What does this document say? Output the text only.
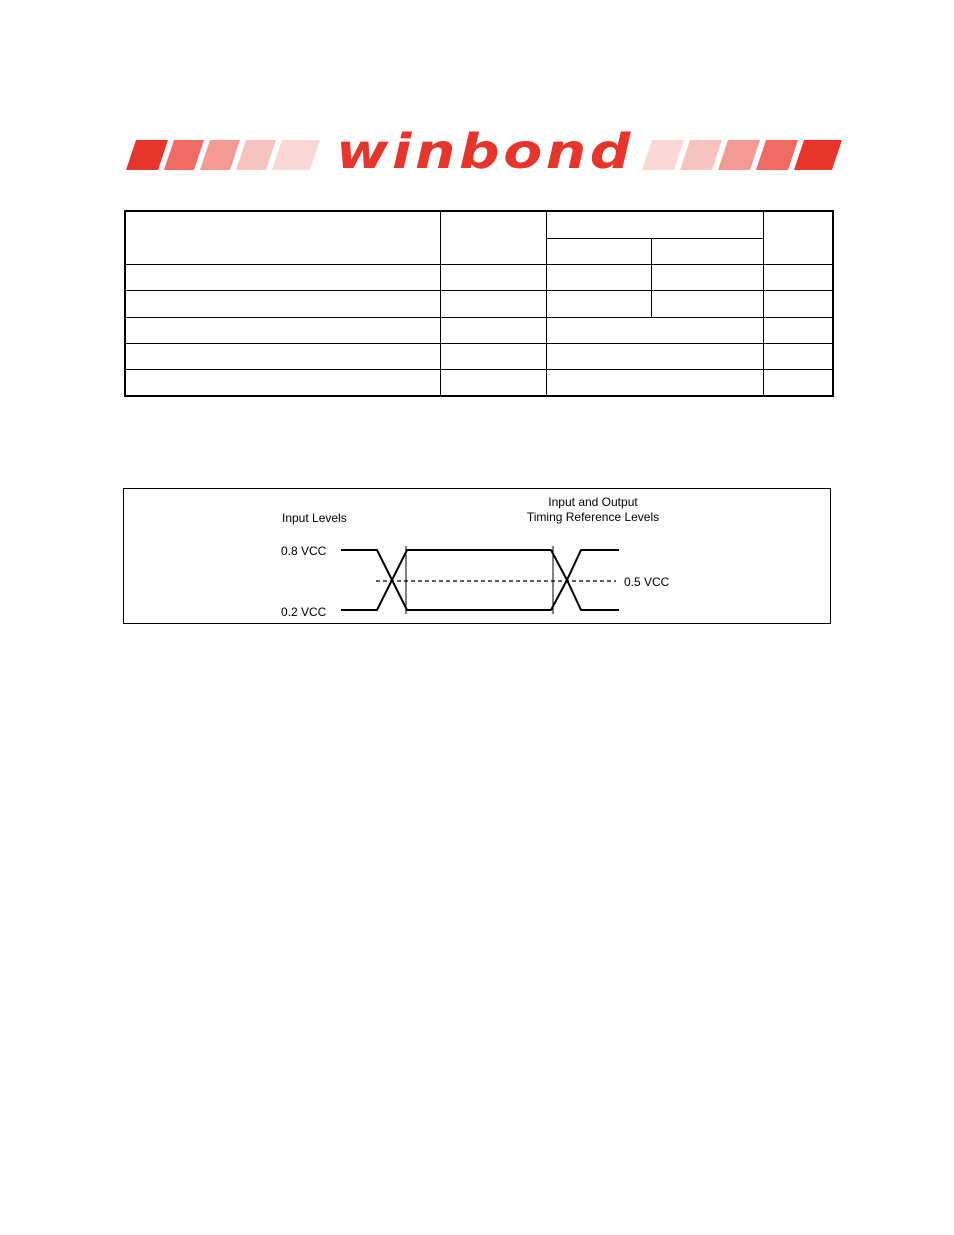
winbond

Input Levels
Input and Output
Timing Reference Levels
0.8 VCC
0.2 VCC
0.5 VCC
